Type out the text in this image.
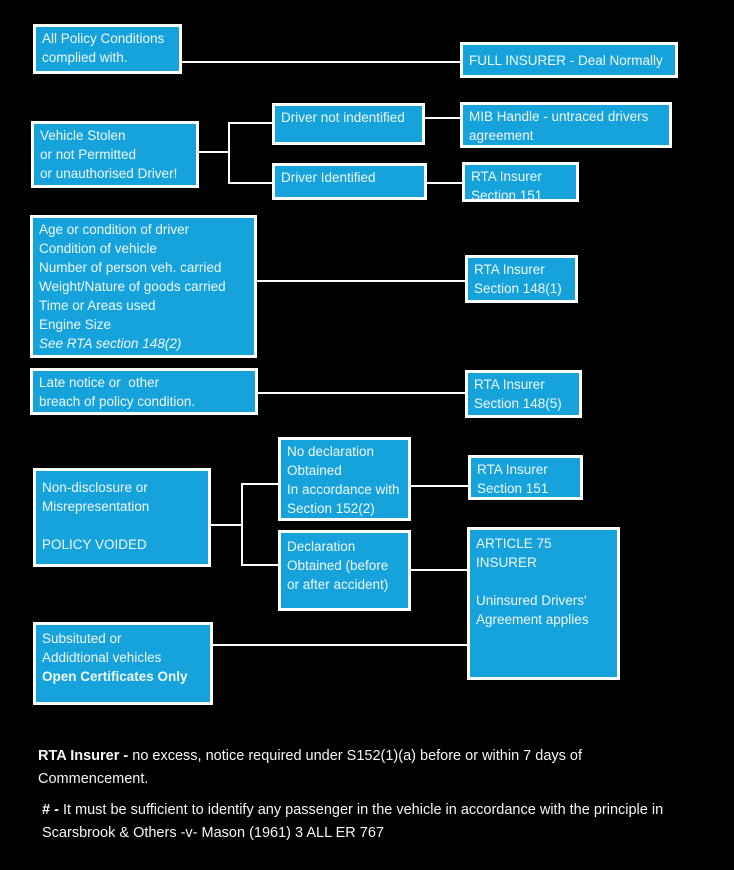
All Policy Conditions
complied with.	FULL INSURER - Deal Normally
Vehicle Stolen
or not Permitted
or unauthorised Driver!
Driver not indentified
Driver Identified
MIB Handle - untraced drivers
agreement
RTA Insurer
Section 151
Age or condition of driver
Condition of vehicle
Number of person veh. carried
Weight/Nature of goods carried
Time or Areas used
Engine Size
See RTA section 148(2)
RTA Insurer
Section 148(1)
Late notice or  other
breach of policy condition.
RTA Insurer
Section 148(5)
Non-disclosure or
Misrepresentation
POLICY VOIDED
No declaration
Obtained
In accordance with
Section 152(2)
Declaration
Obtained (before
or after accident)
RTA Insurer
Section 151
ARTICLE 75
INSURER
Uninsured Drivers'
Agreement applies
Subsituted or
Addidtional vehicles
Open Certificates Only
RTA Insurer - no excess, notice required under S152(1)(a) before or within 7 days of Commencement.
# - It must be sufficient to identify any passenger in the vehicle in accordance with the principle in Scarsbrook & Others -v- Mason (1961) 3 ALL ER 767
